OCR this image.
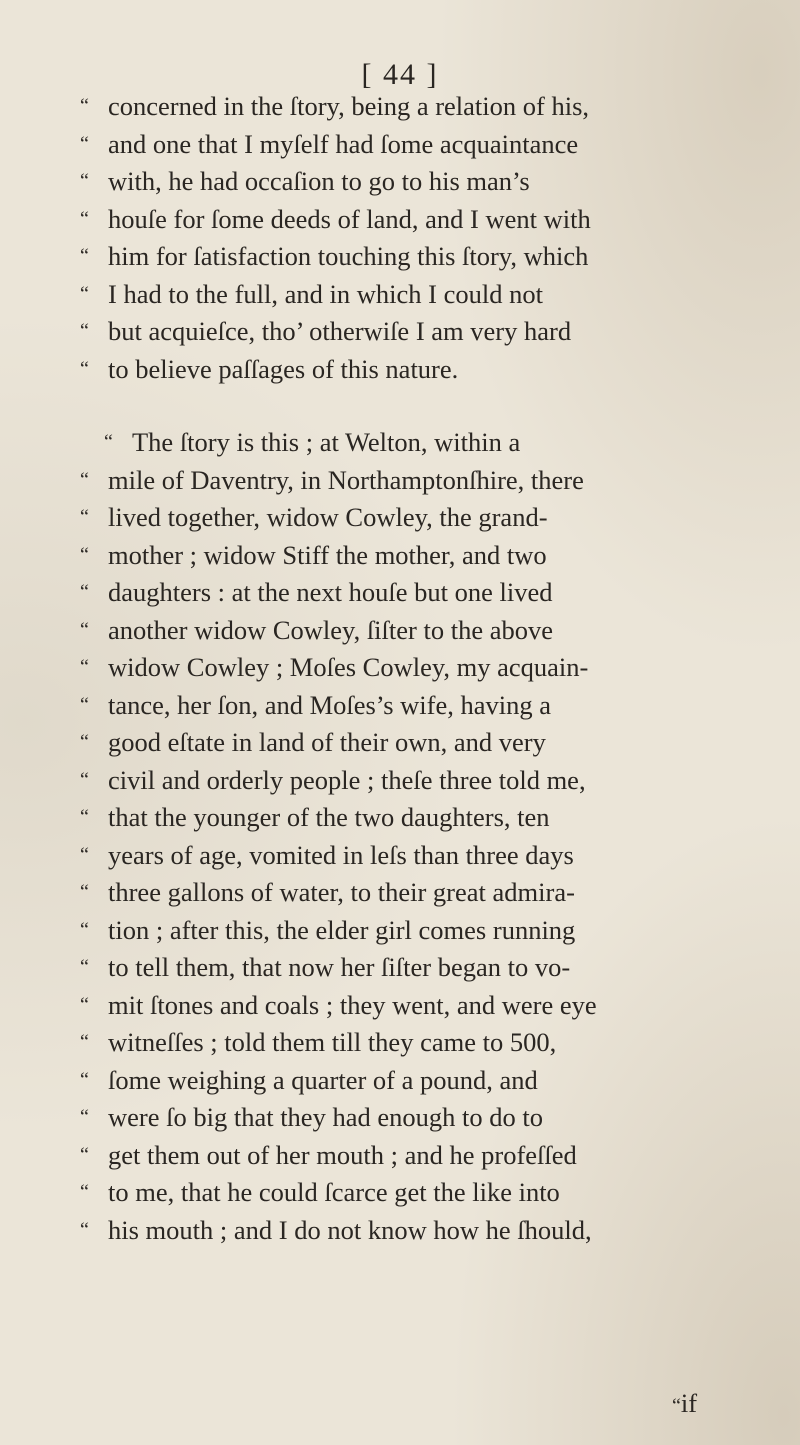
[ 44 ]
“ concerned in the ſtory, being a relation of his,
“ and one that I myſelf had ſome acquaintance
“ with, he had occaſion to go to his man’s
“ houſe for ſome deeds of land, and I went with
“ him for ſatisfaction touching this ſtory, which
“ I had to the full, and in which I could not
“ but acquieſce, tho’ otherwiſe I am very hard
“ to believe paſſages of this nature.
“ The ſtory is this ; at Welton, within a
“ mile of Daventry, in Northamptonſhire, there
“ lived together, widow Cowley, the grand-
“ mother ; widow Stiff the mother, and two
“ daughters : at the next houſe but one lived
“ another widow Cowley, ſiſter to the above
“ widow Cowley ; Moſes Cowley, my acquain-
“ tance, her ſon, and Moſes’s wife, having a
“ good eſtate in land of their own, and very
“ civil and orderly people ; theſe three told me,
“ that the younger of the two daughters, ten
“ years of age, vomited in leſs than three days
“ three gallons of water, to their great admira-
“ tion ; after this, the elder girl comes running
“ to tell them, that now her ſiſter began to vo-
“ mit ſtones and coals ; they went, and were eye
“ witneſſes ; told them till they came to 500,
“ ſome weighing a quarter of a pound, and
“ were ſo big that they had enough to do to
“ get them out of her mouth ; and he profeſſed
“ to me, that he could ſcarce get the like into
“ his mouth ; and I do not know how he ſhould,
“if
